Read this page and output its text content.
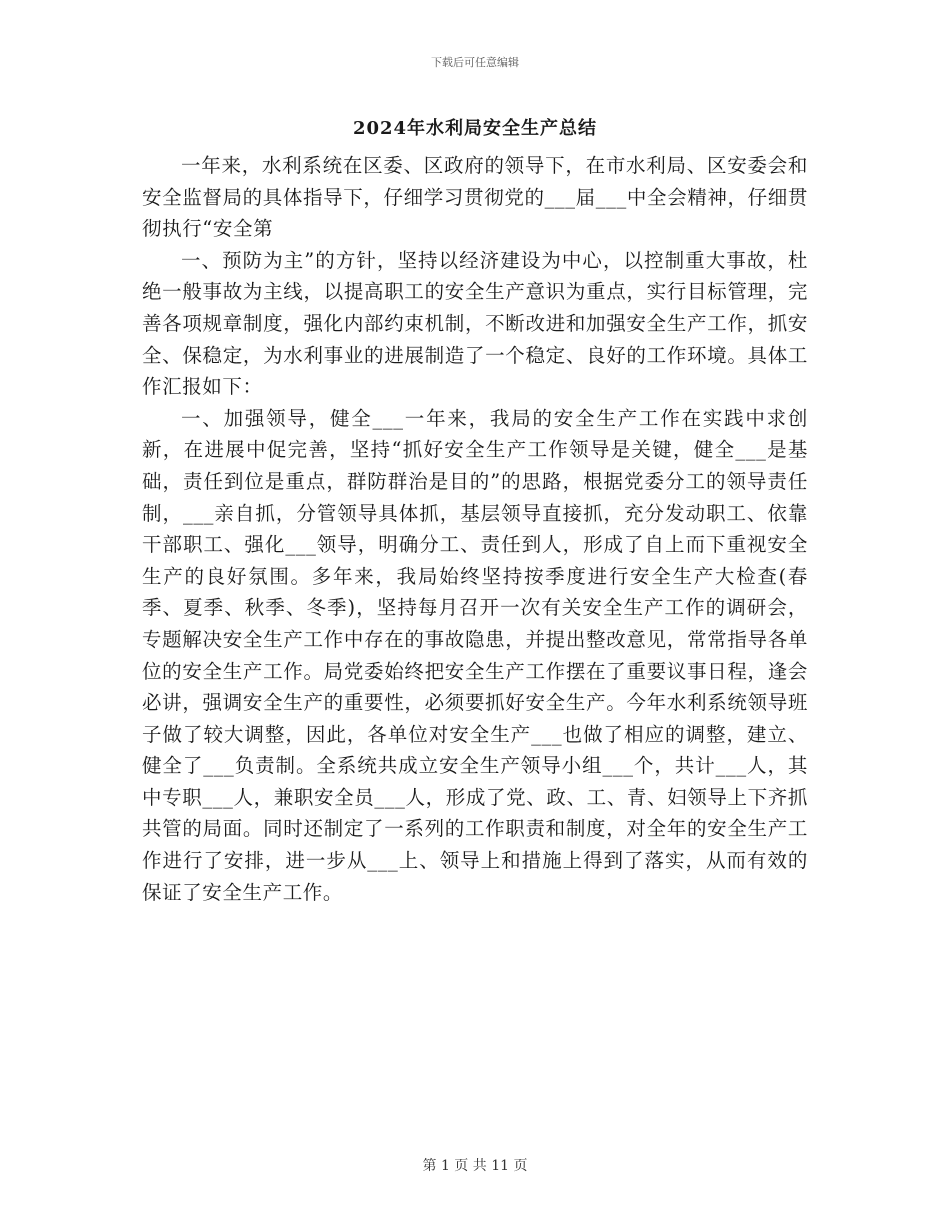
下载后可任意编辑
2024年水利局安全生产总结

一年来，水利系统在区委、区政府的领导下，在市水利局、区安委会和安全监督局的具体指导下，仔细学习贯彻党的___届___中全会精神，仔细贯彻执行“安全第

一、预防为主”的方针，坚持以经济建设为中心，以控制重大事故，杜绝一般事故为主线，以提高职工的安全生产意识为重点，实行目标管理，完善各项规章制度，强化内部约束机制，不断改进和加强安全生产工作，抓安全、保稳定，为水利事业的进展制造了一个稳定、良好的工作环境。具体工作汇报如下：

一、加强领导，健全___一年来，我局的安全生产工作在实践中求创新，在进展中促完善，坚持“抓好安全生产工作领导是关键，健全___是基础，责任到位是重点，群防群治是目的”的思路，根据党委分工的领导责任制，___亲自抓，分管领导具体抓，基层领导直接抓，充分发动职工、依靠干部职工、强化___领导，明确分工、责任到人，形成了自上而下重视安全生产的良好氛围。多年来，我局始终坚持按季度进行安全生产大检查(春季、夏季、秋季、冬季)，坚持每月召开一次有关安全生产工作的调研会，专题解决安全生产工作中存在的事故隐患，并提出整改意见，常常指导各单位的安全生产工作。局党委始终把安全生产工作摆在了重要议事日程，逢会必讲，强调安全生产的重要性，必须要抓好安全生产。今年水利系统领导班子做了较大调整，因此，各单位对安全生产___也做了相应的调整，建立、健全了___负责制。全系统共成立安全生产领导小组___个，共计___人，其中专职___人，兼职安全员___人，形成了党、政、工、青、妇领导上下齐抓共管的局面。同时还制定了一系列的工作职责和制度，对全年的安全生产工作进行了安排，进一步从___上、领导上和措施上得到了落实，从而有效的保证了安全生产工作。

第 1 页 共 11 页
